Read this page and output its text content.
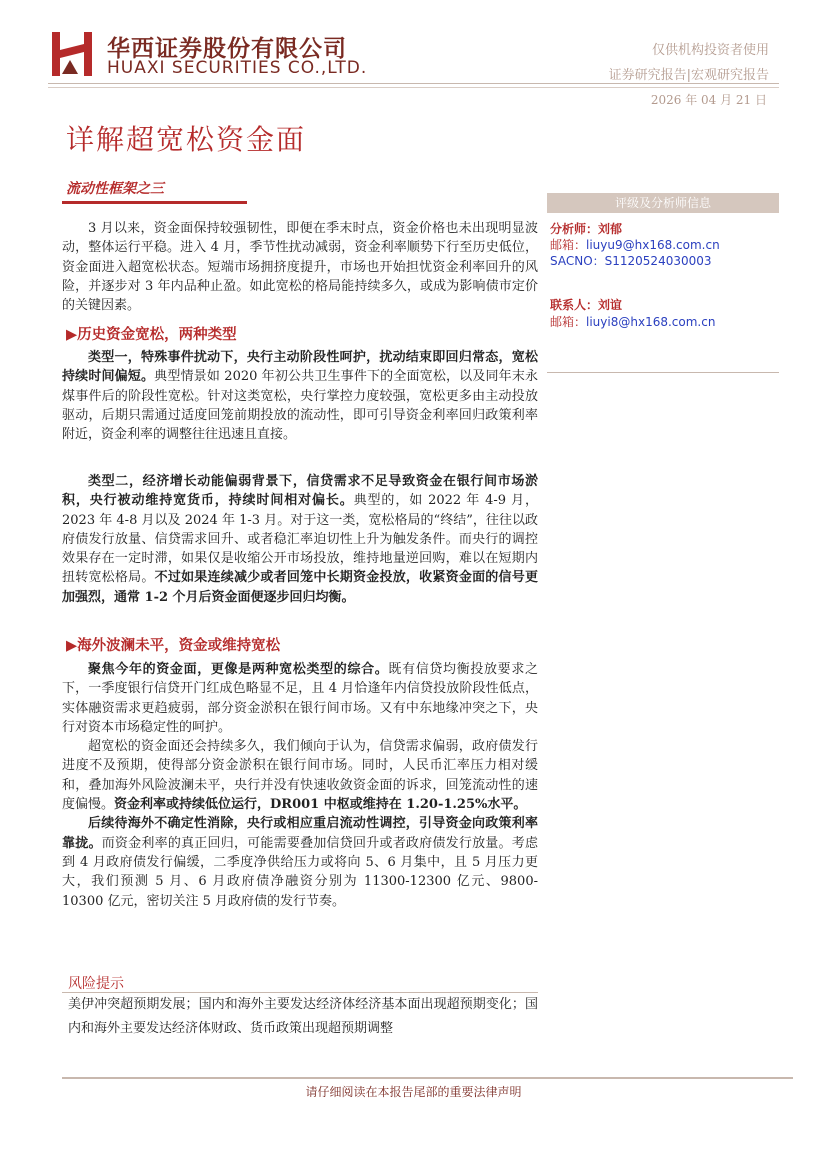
华西证券股份有限公司
HUAXI SECURITIES CO.,LTD.
仅供机构投资者使用
证券研究报告|宏观研究报告
2026 年 04 月 21 日
详解超宽松资金面
流动性框架之三

3 月以来，资金面保持较强韧性，即便在季末时点，资金价格也未出现明显波动，整体运行平稳。进入 4 月，季节性扰动减弱，资金利率顺势下行至历史低位，资金面进入超宽松状态。短端市场拥挤度提升，市场也开始担忧资金利率回升的风险，并逐步对 3 年内品种止盈。如此宽松的格局能持续多久，或成为影响债市定价的关键因素。

▶历史资金宽松，两种类型

类型一，特殊事件扰动下，央行主动阶段性呵护，扰动结束即回归常态，宽松持续时间偏短。典型情景如 2020 年初公共卫生事件下的全面宽松，以及同年末永煤事件后的阶段性宽松。针对这类宽松，央行掌控力度较强，宽松更多由主动投放驱动，后期只需通过适度回笼前期投放的流动性，即可引导资金利率回归政策利率附近，资金利率的调整往往迅速且直接。

类型二，经济增长动能偏弱背景下，信贷需求不足导致资金在银行间市场淤积，央行被动维持宽货币，持续时间相对偏长。典型的，如 2022 年 4-9 月，2023 年 4-8 月以及 2024 年 1-3 月。对于这一类，宽松格局的“终结”，往往以政府债发行放量、信贷需求回升、或者稳汇率迫切性上升为触发条件。而央行的调控效果存在一定时滞，如果仅是收缩公开市场投放，维持地量逆回购，难以在短期内扭转宽松格局。不过如果连续减少或者回笼中长期资金投放，收紧资金面的信号更加强烈，通常 1-2 个月后资金面便逐步回归均衡。

▶海外波澜未平，资金或维持宽松

聚焦今年的资金面，更像是两种宽松类型的综合。既有信贷均衡投放要求之下，一季度银行信贷开门红成色略显不足，且 4 月恰逢年内信贷投放阶段性低点，实体融资需求更趋疲弱，部分资金淤积在银行间市场。又有中东地缘冲突之下，央行对资本市场稳定性的呵护。

超宽松的资金面还会持续多久，我们倾向于认为，信贷需求偏弱，政府债发行进度不及预期，使得部分资金淤积在银行间市场。同时，人民币汇率压力相对缓和，叠加海外风险波澜未平，央行并没有快速收敛资金面的诉求，回笼流动性的速度偏慢。资金利率或持续低位运行，DR001 中枢或维持在 1.20-1.25%水平。

后续待海外不确定性消除，央行或相应重启流动性调控，引导资金向政策利率靠拢。而资金利率的真正回归，可能需要叠加信贷回升或者政府债发行放量。考虑到 4 月政府债发行偏缓，二季度净供给压力或将向 5、6 月集中，且 5 月压力更大，我们预测 5 月、6 月政府债净融资分别为 11300-12300 亿元、9800-10300 亿元，密切关注 5 月政府债的发行节奏。

评级及分析师信息
分析师：刘郁
邮箱：liuyu9@hx168.com.cn
SACNO：S1120524030003
联系人：刘谊
邮箱：liuyi8@hx168.com.cn
风险提示
美伊冲突超预期发展；国内和海外主要发达经济体经济基本面出现超预期变化；国内和海外主要发达经济体财政、货币政策出现超预期调整
请仔细阅读在本报告尾部的重要法律声明
